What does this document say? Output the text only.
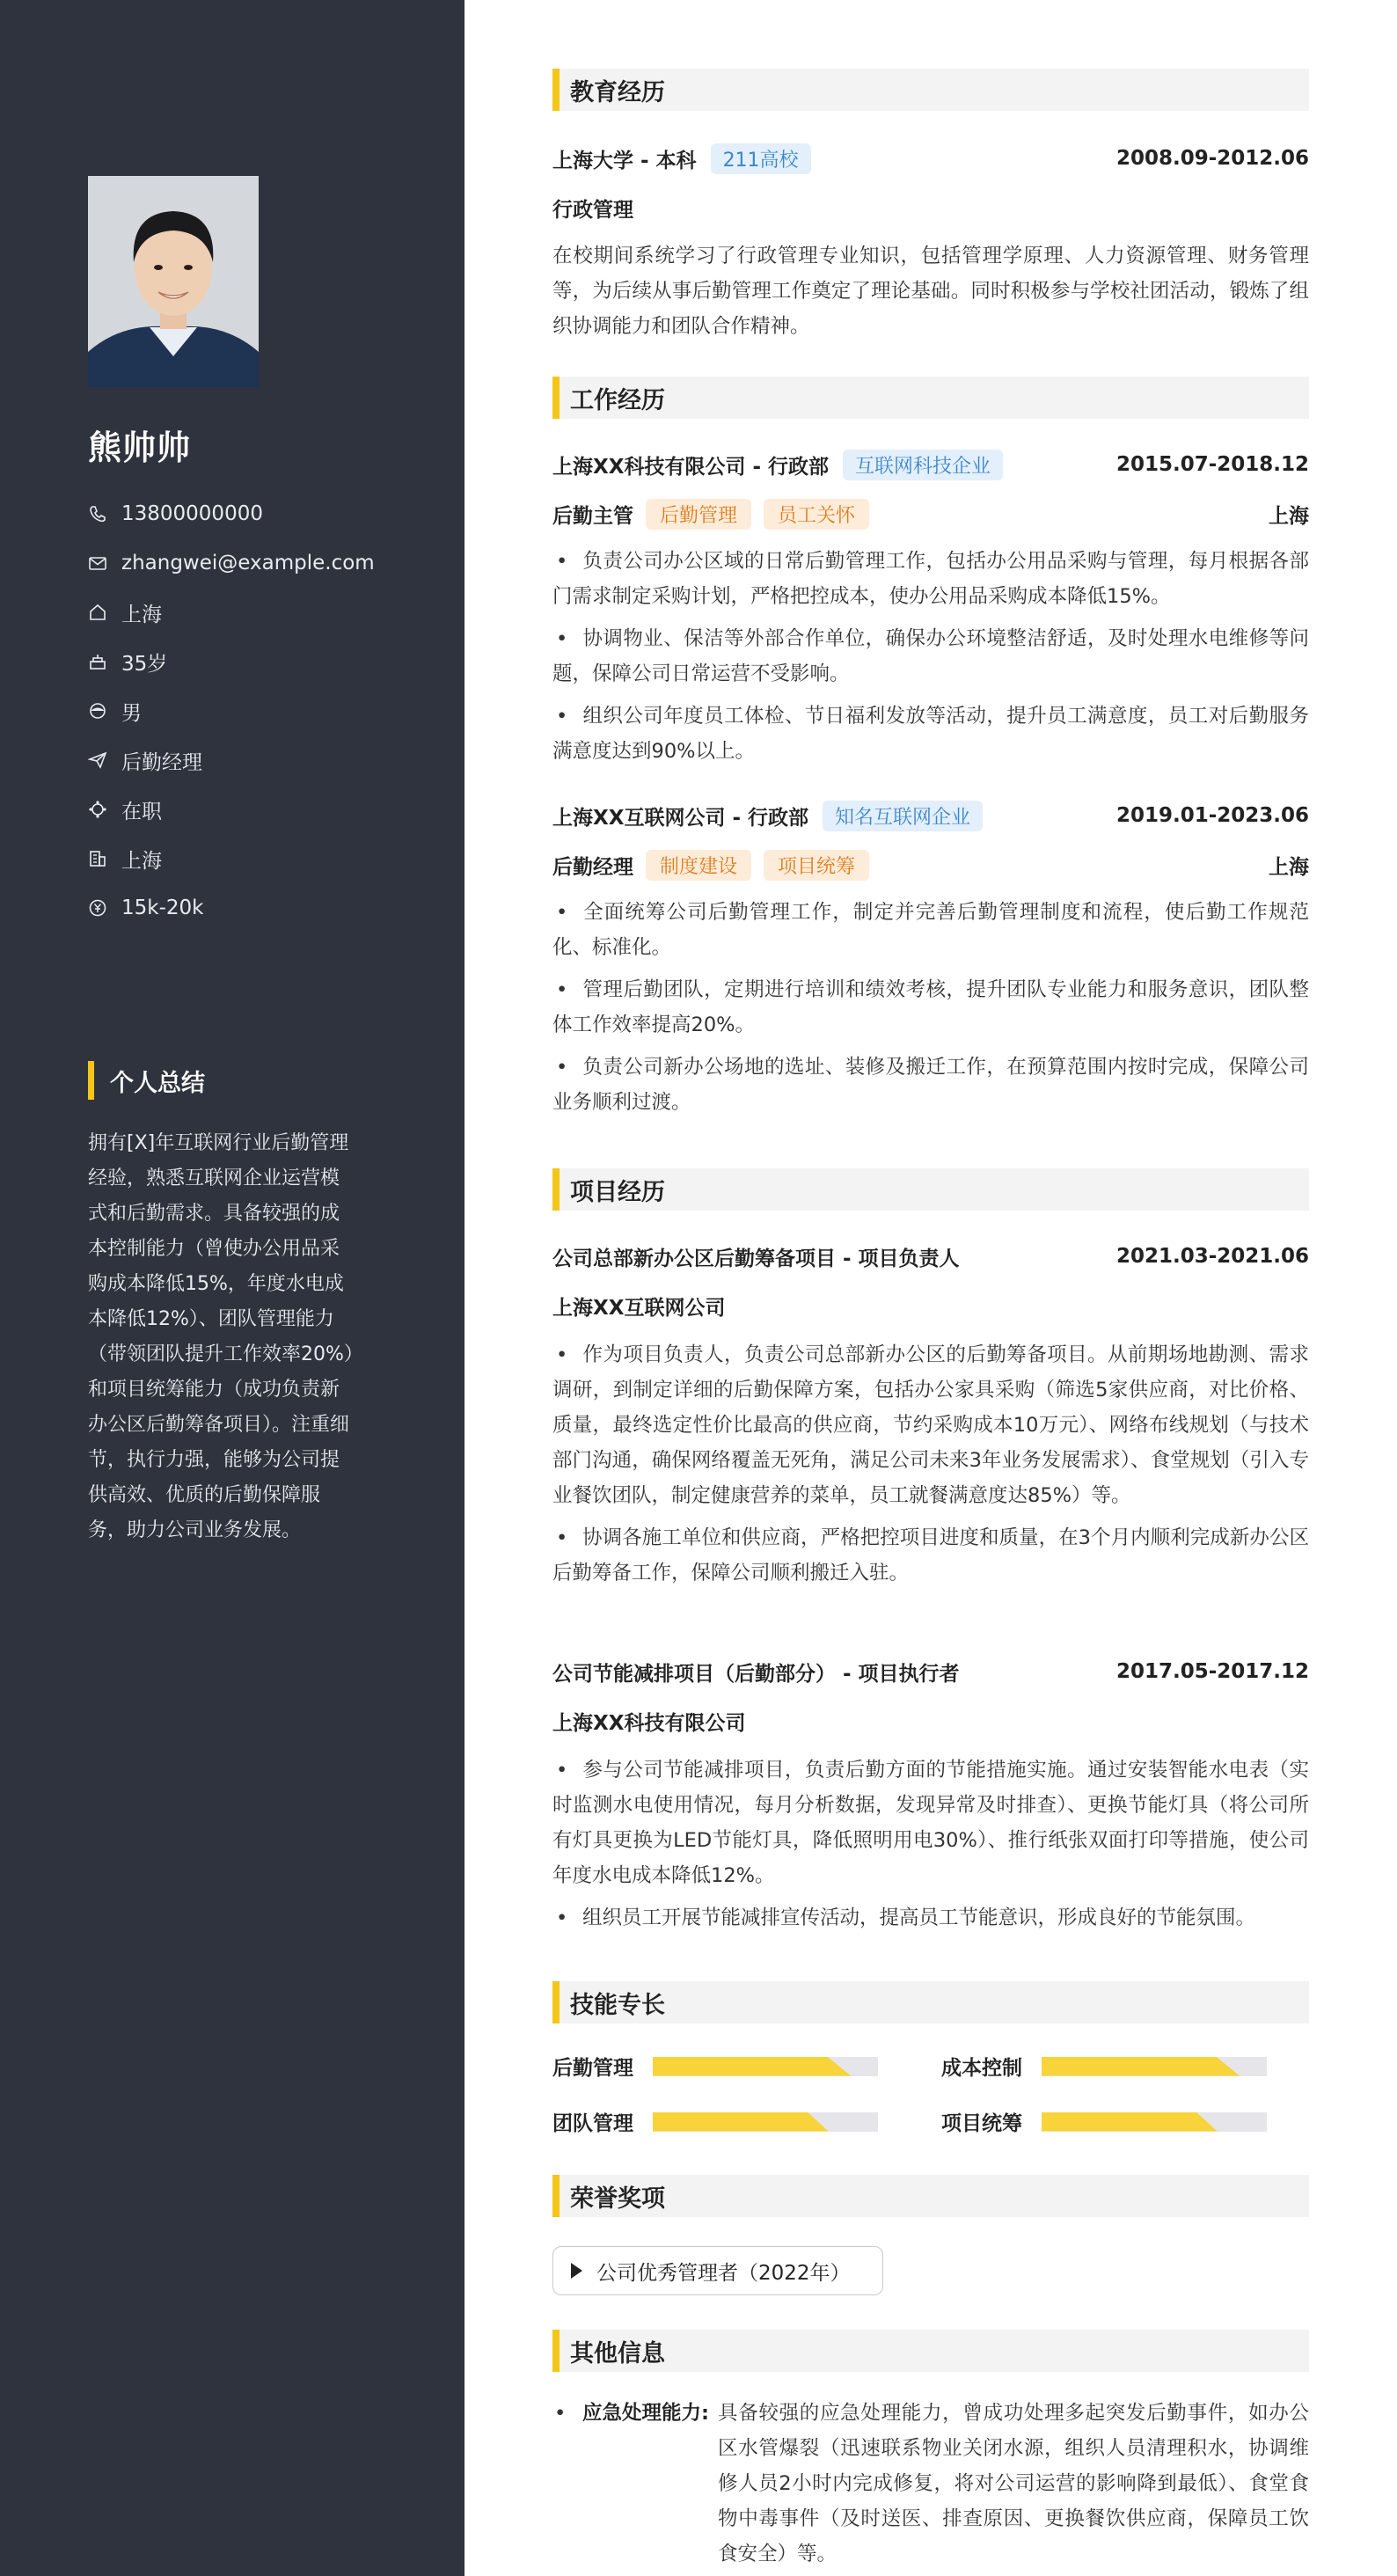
熊帅帅
13800000000
zhangwei@example.com
上海
35岁
男
后勤经理
在职
上海
15k-20k
个人总结
拥有[X]年互联网行业后勤管理
经验，熟悉互联网企业运营模
式和后勤需求。具备较强的成
本控制能力（曾使办公用品采
购成本降低15%，年度水电成
本降低12%）、团队管理能力
（带领团队提升工作效率20%）
和项目统筹能力（成功负责新
办公区后勤筹备项目）。注重细
节，执行力强，能够为公司提
供高效、优质的后勤保障服
务，助力公司业务发展。
教育经历
上海大学 - 本科	211高校	2008.09-2012.06
行政管理
在校期间系统学习了行政管理专业知识，包括管理学原理、人力资源管理、财务管理等，为后续从事后勤管理工作奠定了理论基础。同时积极参与学校社团活动，锻炼了组织协调能力和团队合作精神。
工作经历
上海XX科技有限公司 - 行政部	互联网科技企业	2015.07-2018.12
后勤主管	后勤管理	员工关怀	上海
• 负责公司办公区域的日常后勤管理工作，包括办公用品采购与管理，每月根据各部门需求制定采购计划，严格把控成本，使办公用品采购成本降低15%。
• 协调物业、保洁等外部合作单位，确保办公环境整洁舒适，及时处理水电维修等问题，保障公司日常运营不受影响。
• 组织公司年度员工体检、节日福利发放等活动，提升员工满意度，员工对后勤服务满意度达到90%以上。
上海XX互联网公司 - 行政部	知名互联网企业	2019.01-2023.06
后勤经理	制度建设	项目统筹	上海
• 全面统筹公司后勤管理工作，制定并完善后勤管理制度和流程，使后勤工作规范化、标准化。
• 管理后勤团队，定期进行培训和绩效考核，提升团队专业能力和服务意识，团队整体工作效率提高20%。
• 负责公司新办公场地的选址、装修及搬迁工作，在预算范围内按时完成，保障公司业务顺利过渡。
项目经历
公司总部新办公区后勤筹备项目 - 项目负责人	2021.03-2021.06
上海XX互联网公司
• 作为项目负责人，负责公司总部新办公区的后勤筹备项目。从前期场地勘测、需求调研，到制定详细的后勤保障方案，包括办公家具采购（筛选5家供应商，对比价格、质量，最终选定性价比最高的供应商，节约采购成本10万元）、网络布线规划（与技术部门沟通，确保网络覆盖无死角，满足公司未来3年业务发展需求）、食堂规划（引入专业餐饮团队，制定健康营养的菜单，员工就餐满意度达85%）等。
• 协调各施工单位和供应商，严格把控项目进度和质量，在3个月内顺利完成新办公区后勤筹备工作，保障公司顺利搬迁入驻。
公司节能减排项目（后勤部分） - 项目执行者	2017.05-2017.12
上海XX科技有限公司
• 参与公司节能减排项目，负责后勤方面的节能措施实施。通过安装智能水电表（实时监测水电使用情况，每月分析数据，发现异常及时排查）、更换节能灯具（将公司所有灯具更换为LED节能灯具，降低照明用电30%）、推行纸张双面打印等措施，使公司年度水电成本降低12%。
• 组织员工开展节能减排宣传活动，提高员工节能意识，形成良好的节能氛围。
技能专长
后勤管理	成本控制
团队管理	项目统筹
荣誉奖项
公司优秀管理者（2022年）
其他信息
• 应急处理能力: 具备较强的应急处理能力，曾成功处理多起突发后勤事件，如办公区水管爆裂（迅速联系物业关闭水源，组织人员清理积水，协调维修人员2小时内完成修复，将对公司运营的影响降到最低）、食堂食物中毒事件（及时送医、排查原因、更换餐饮供应商，保障员工饮食安全）等。
